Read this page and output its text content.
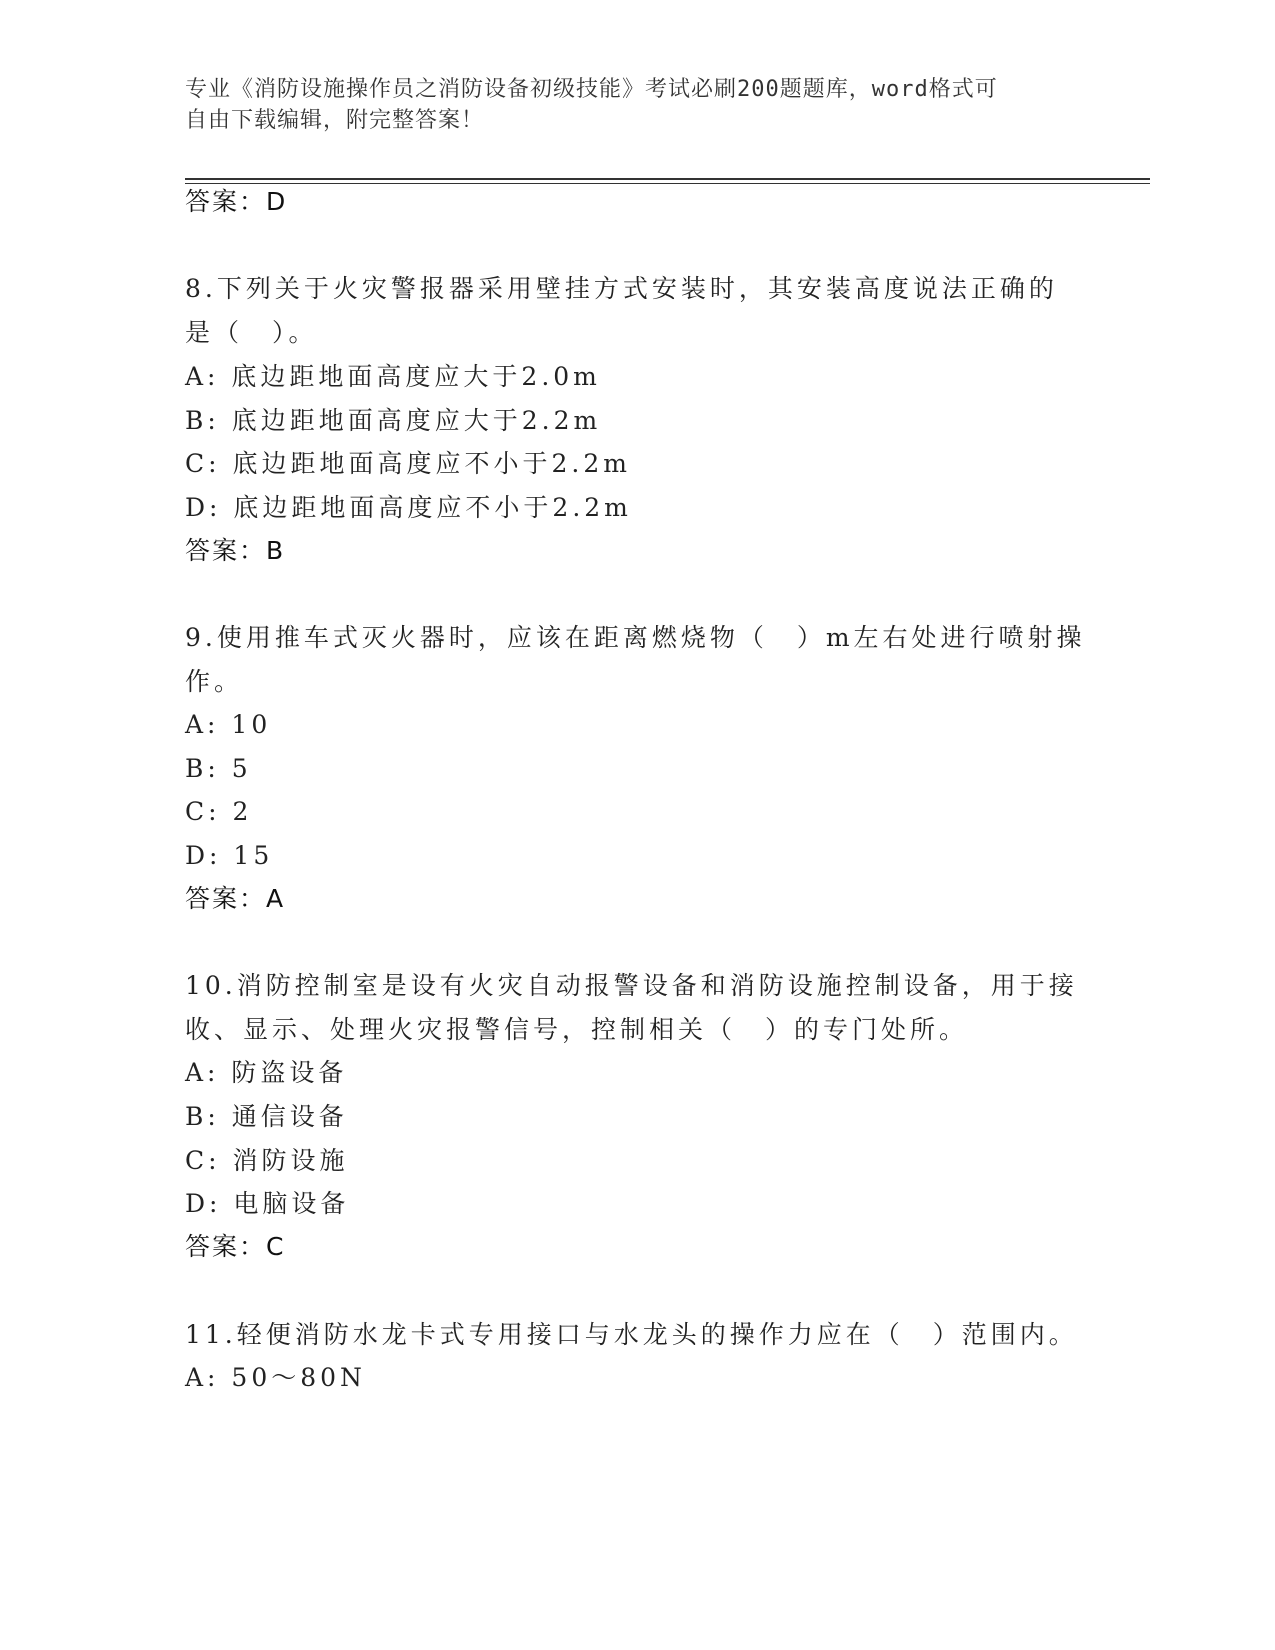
专业《消防设施操作员之消防设备初级技能》考试必刷200题题库，word格式可
自由下载编辑，附完整答案！
答案：D
8.下列关于火灾警报器采用壁挂方式安装时，其安装高度说法正确的
是（　）。
A: 底边距地面高度应大于2.0m
B: 底边距地面高度应大于2.2m
C: 底边距地面高度应不小于2.2m
D: 底边距地面高度应不小于2.2m
答案：B
9.使用推车式灭火器时，应该在距离燃烧物（　）m左右处进行喷射操
作。
A: 10
B: 5
C: 2
D: 15
答案：A
10.消防控制室是设有火灾自动报警设备和消防设施控制设备，用于接
收、显示、处理火灾报警信号，控制相关（　）的专门处所。
A: 防盗设备
B: 通信设备
C: 消防设施
D: 电脑设备
答案：C
11.轻便消防水龙卡式专用接口与水龙头的操作力应在（　）范围内。
A: 50～80N
